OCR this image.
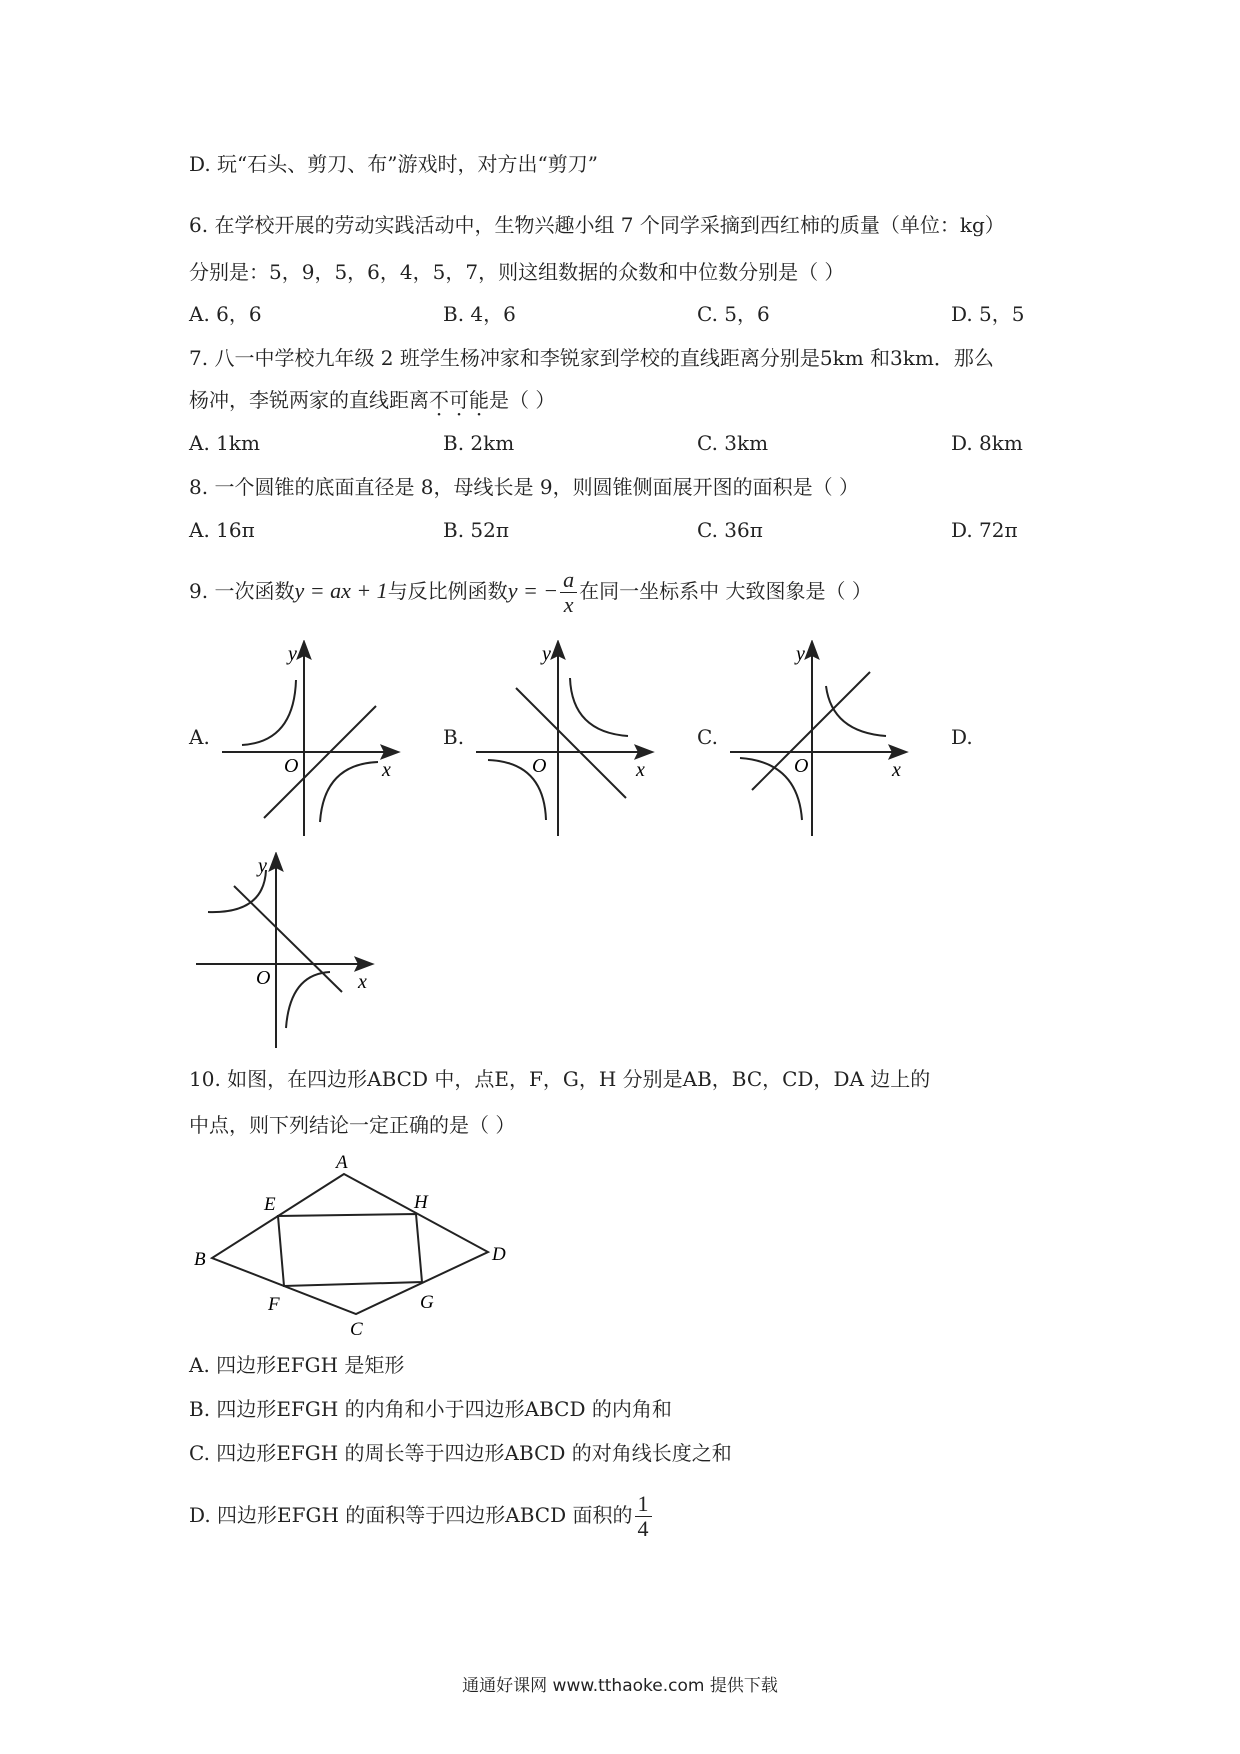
D. 玩“石头、剪刀、布”游戏时，对方出“剪刀”
6. 在学校开展的劳动实践活动中，生物兴趣小组 7 个同学采摘到西红柿的质量（单位：kg）
分别是：5，9，5，6，4，5，7，则这组数据的众数和中位数分别是（ ）
A. 6，6	B. 4，6	C. 5，6	D. 5，5
7. 八一中学校九年级 2 班学生杨冲家和李锐家到学校的直线距离分别是5km 和3km．那么
杨冲，李锐两家的直线距离不可能是（ ）
A. 1km	B. 2km	C. 3km	D. 8km
8. 一个圆锥的底面直径是 8，母线长是 9，则圆锥侧面展开图的面积是（ ）
A. 16π	B. 52π	C. 36π	D. 72π
9. 一次函数y = ax + 1与反比例函数y = − $\frac{a}{x}$ 在同一坐标系中 大致图象是（ ）
A.	B.	C.	D.
y
x
O
y
x
O
y
x
O
y
x
O
10. 如图，在四边形ABCD 中，点E，F，G，H 分别是AB，BC，CD，DA 边上的
中点，则下列结论一定正确的是（ ）
A
B
C
D
E
F	G
H
A. 四边形EFGH 是矩形
B. 四边形EFGH 的内角和小于四边形ABCD 的内角和
C. 四边形EFGH 的周长等于四边形ABCD 的对角线长度之和
D. 四边形EFGH 的面积等于四边形ABCD 面积的 $\frac{1}{4}$
通通好课网 www.tthaoke.com 提供下载
